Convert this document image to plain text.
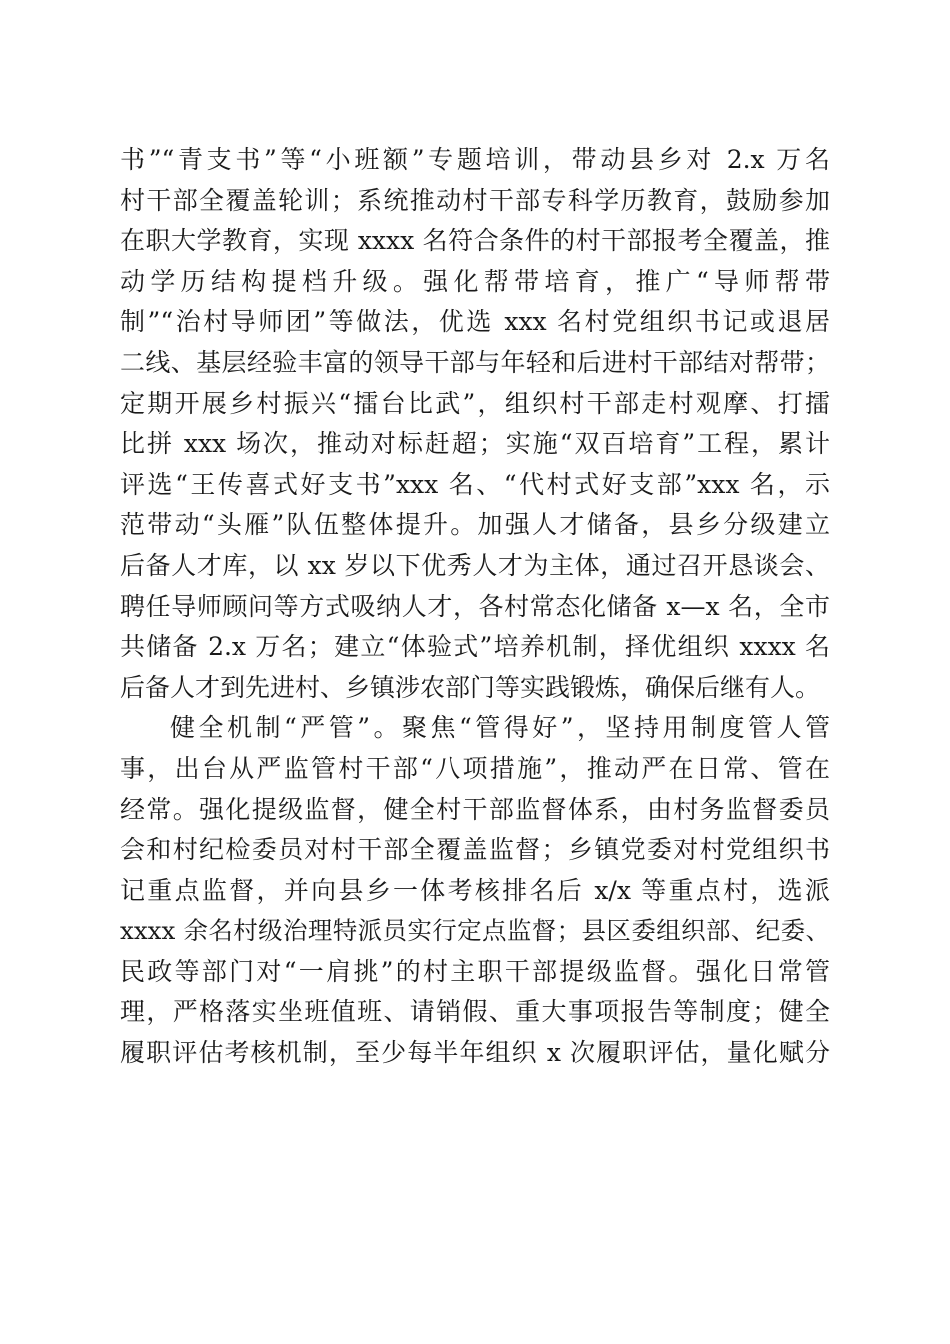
书”“青支书”等“小班额”专题培训，带动县乡对 2.x 万名
村干部全覆盖轮训；系统推动村干部专科学历教育，鼓励参加
在职大学教育，实现 xxxx 名符合条件的村干部报考全覆盖，推
动学历结构提档升级。强化帮带培育，推广“导师帮带
制”“治村导师团”等做法，优选 xxx 名村党组织书记或退居
二线、基层经验丰富的领导干部与年轻和后进村干部结对帮带；
定期开展乡村振兴“擂台比武”，组织村干部走村观摩、打擂
比拼 xxx 场次，推动对标赶超；实施“双百培育”工程，累计
评选“王传喜式好支书”xxx 名、“代村式好支部”xxx 名，示
范带动“头雁”队伍整体提升。加强人才储备，县乡分级建立
后备人才库，以 xx 岁以下优秀人才为主体，通过召开恳谈会、
聘任导师顾问等方式吸纳人才，各村常态化储备 x—x 名，全市
共储备 2.x 万名；建立“体验式”培养机制，择优组织 xxxx 名
后备人才到先进村、乡镇涉农部门等实践锻炼，确保后继有人。
健全机制“严管”。聚焦“管得好”，坚持用制度管人管
事，出台从严监管村干部“八项措施”，推动严在日常、管在
经常。强化提级监督，健全村干部监督体系，由村务监督委员
会和村纪检委员对村干部全覆盖监督；乡镇党委对村党组织书
记重点监督，并向县乡一体考核排名后 x/x 等重点村，选派
xxxx 余名村级治理特派员实行定点监督；县区委组织部、纪委、
民政等部门对“一肩挑”的村主职干部提级监督。强化日常管
理，严格落实坐班值班、请销假、重大事项报告等制度；健全
履职评估考核机制，至少每半年组织 x 次履职评估，量化赋分
